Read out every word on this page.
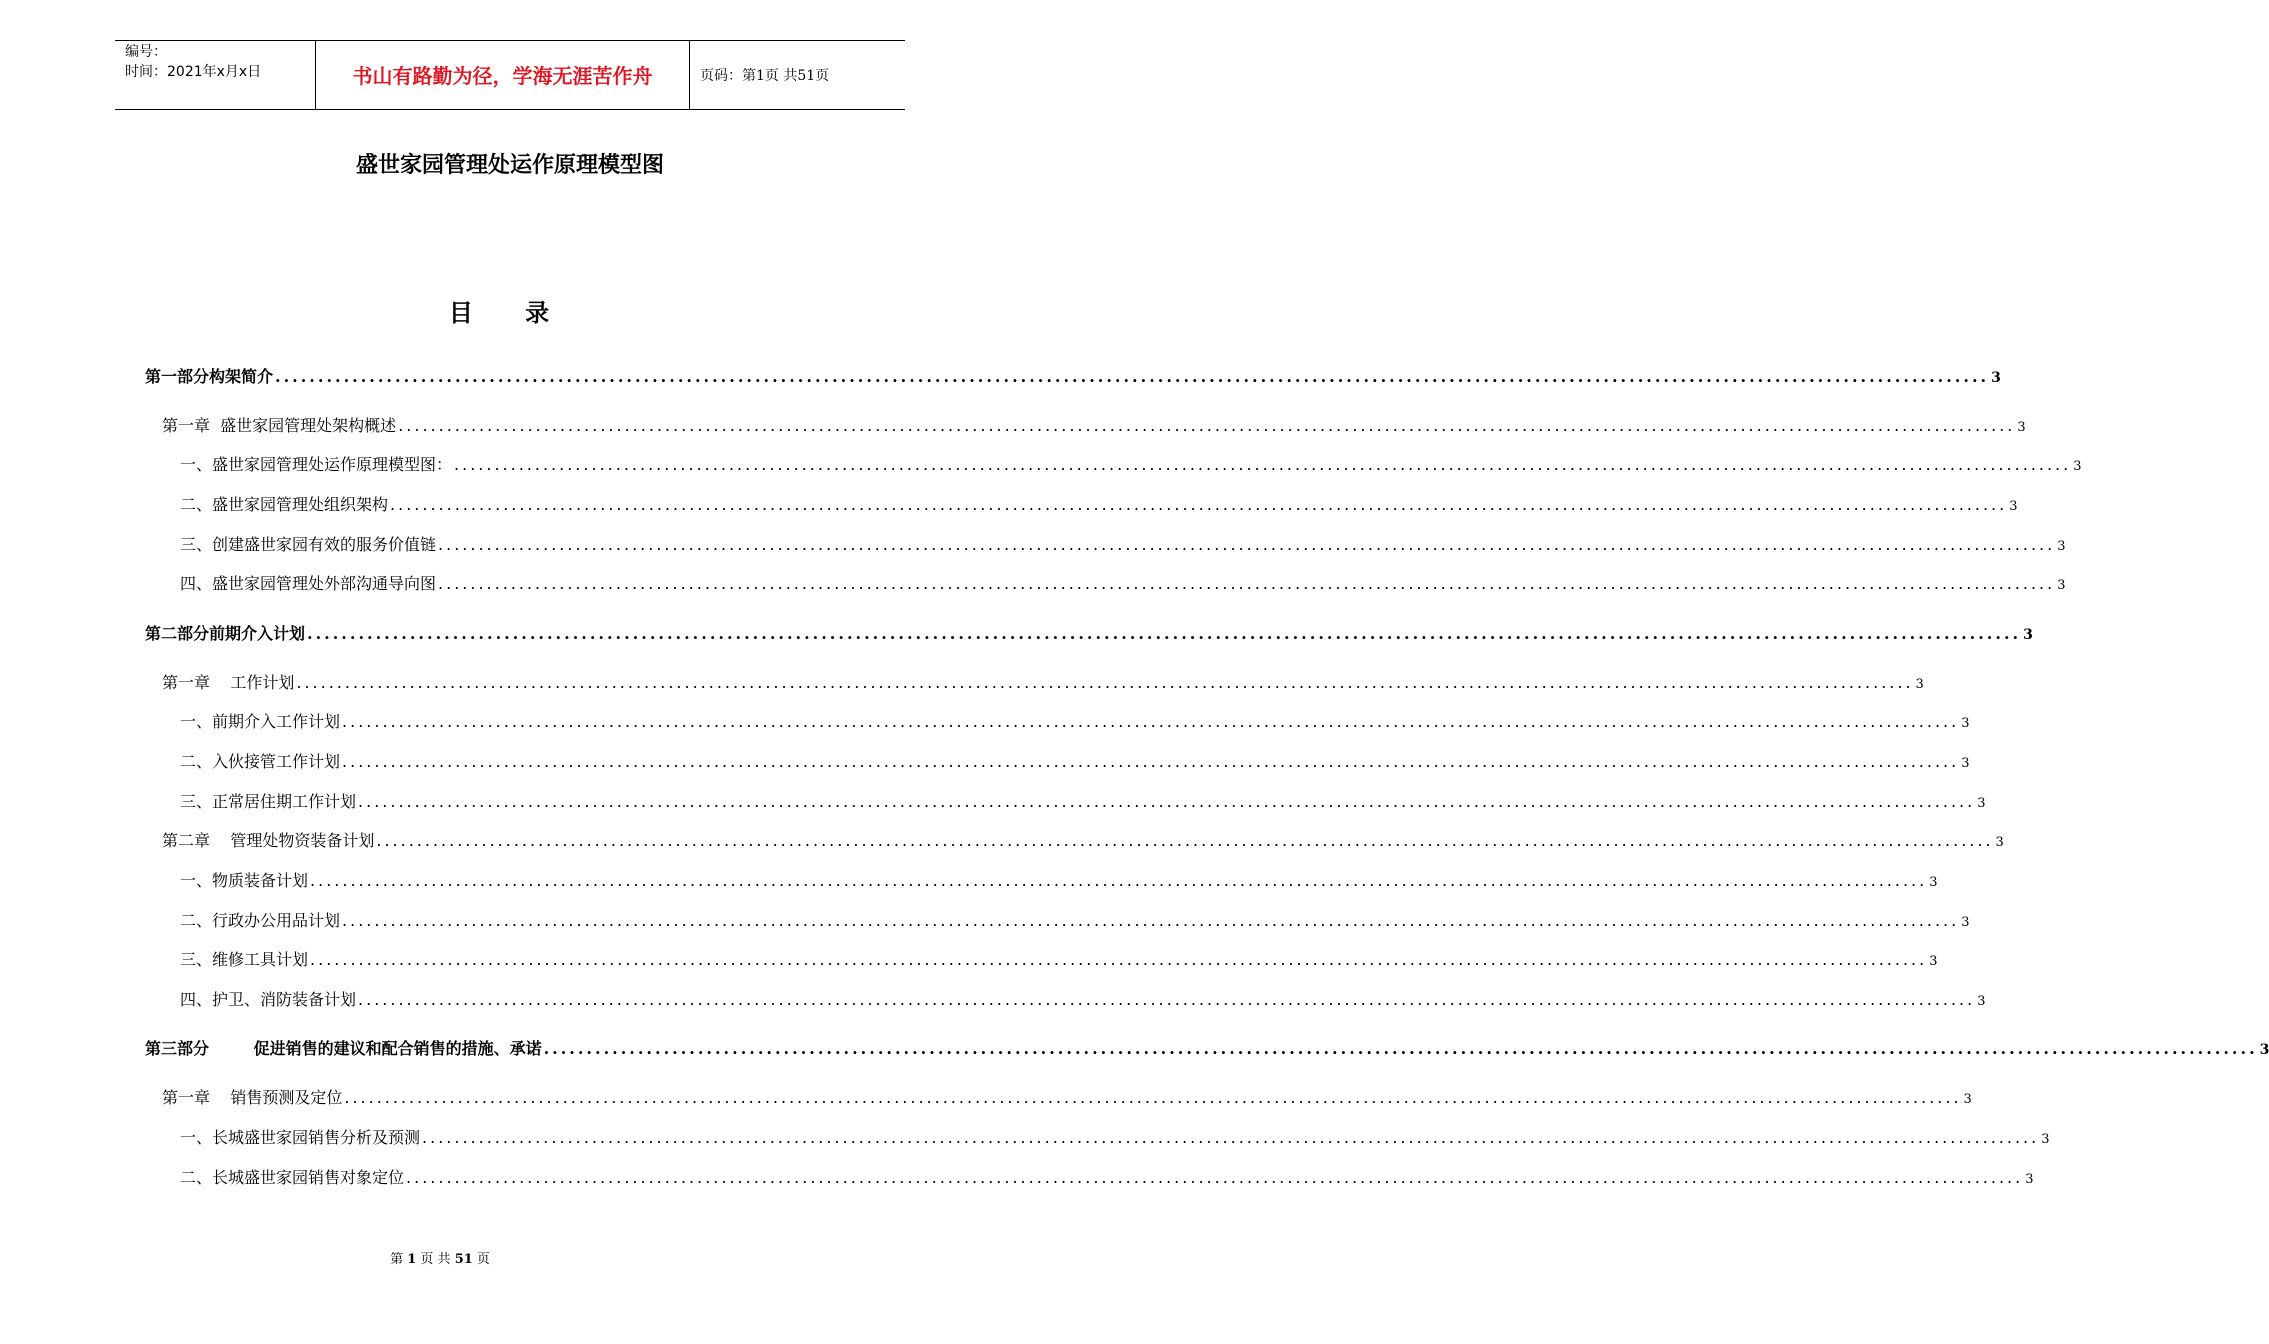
编号：
时间：2021年x月x日	书山有路勤为径，学海无涯苦作舟	页码：第1页 共51页
盛世家园管理处运作原理模型图
目 录
第一部分构架简介 ........................................................................................................................................................................................................ 3
第一章  盛世家园管理处架构概述 ........................................................................................................................................................................................................ 3
一、盛世家园管理处运作原理模型图： ........................................................................................................................................................................................................ 3
二、盛世家园管理处组织架构 ........................................................................................................................................................................................................ 3
三、创建盛世家园有效的服务价值链 ........................................................................................................................................................................................................ 3
四、盛世家园管理处外部沟通导向图 ........................................................................................................................................................................................................ 3
第二部分前期介入计划 ........................................................................................................................................................................................................ 3
第一章    工作计划 ........................................................................................................................................................................................................ 3
一、前期介入工作计划 ........................................................................................................................................................................................................ 3
二、入伙接管工作计划 ........................................................................................................................................................................................................ 3
三、正常居住期工作计划 ........................................................................................................................................................................................................ 3
第二章    管理处物资装备计划 ........................................................................................................................................................................................................ 3
一、物质装备计划 ........................................................................................................................................................................................................ 3
二、行政办公用品计划 ........................................................................................................................................................................................................ 3
三、维修工具计划 ........................................................................................................................................................................................................ 3
四、护卫、消防装备计划 ........................................................................................................................................................................................................ 3
第三部分        促进销售的建议和配合销售的措施、承诺 ........................................................................................................................................................................................................ 3
第一章    销售预测及定位 ........................................................................................................................................................................................................ 3
一、长城盛世家园销售分析及预测 ........................................................................................................................................................................................................ 3
二、长城盛世家园销售对象定位 ........................................................................................................................................................................................................ 3
第 1 页 共 51 页
